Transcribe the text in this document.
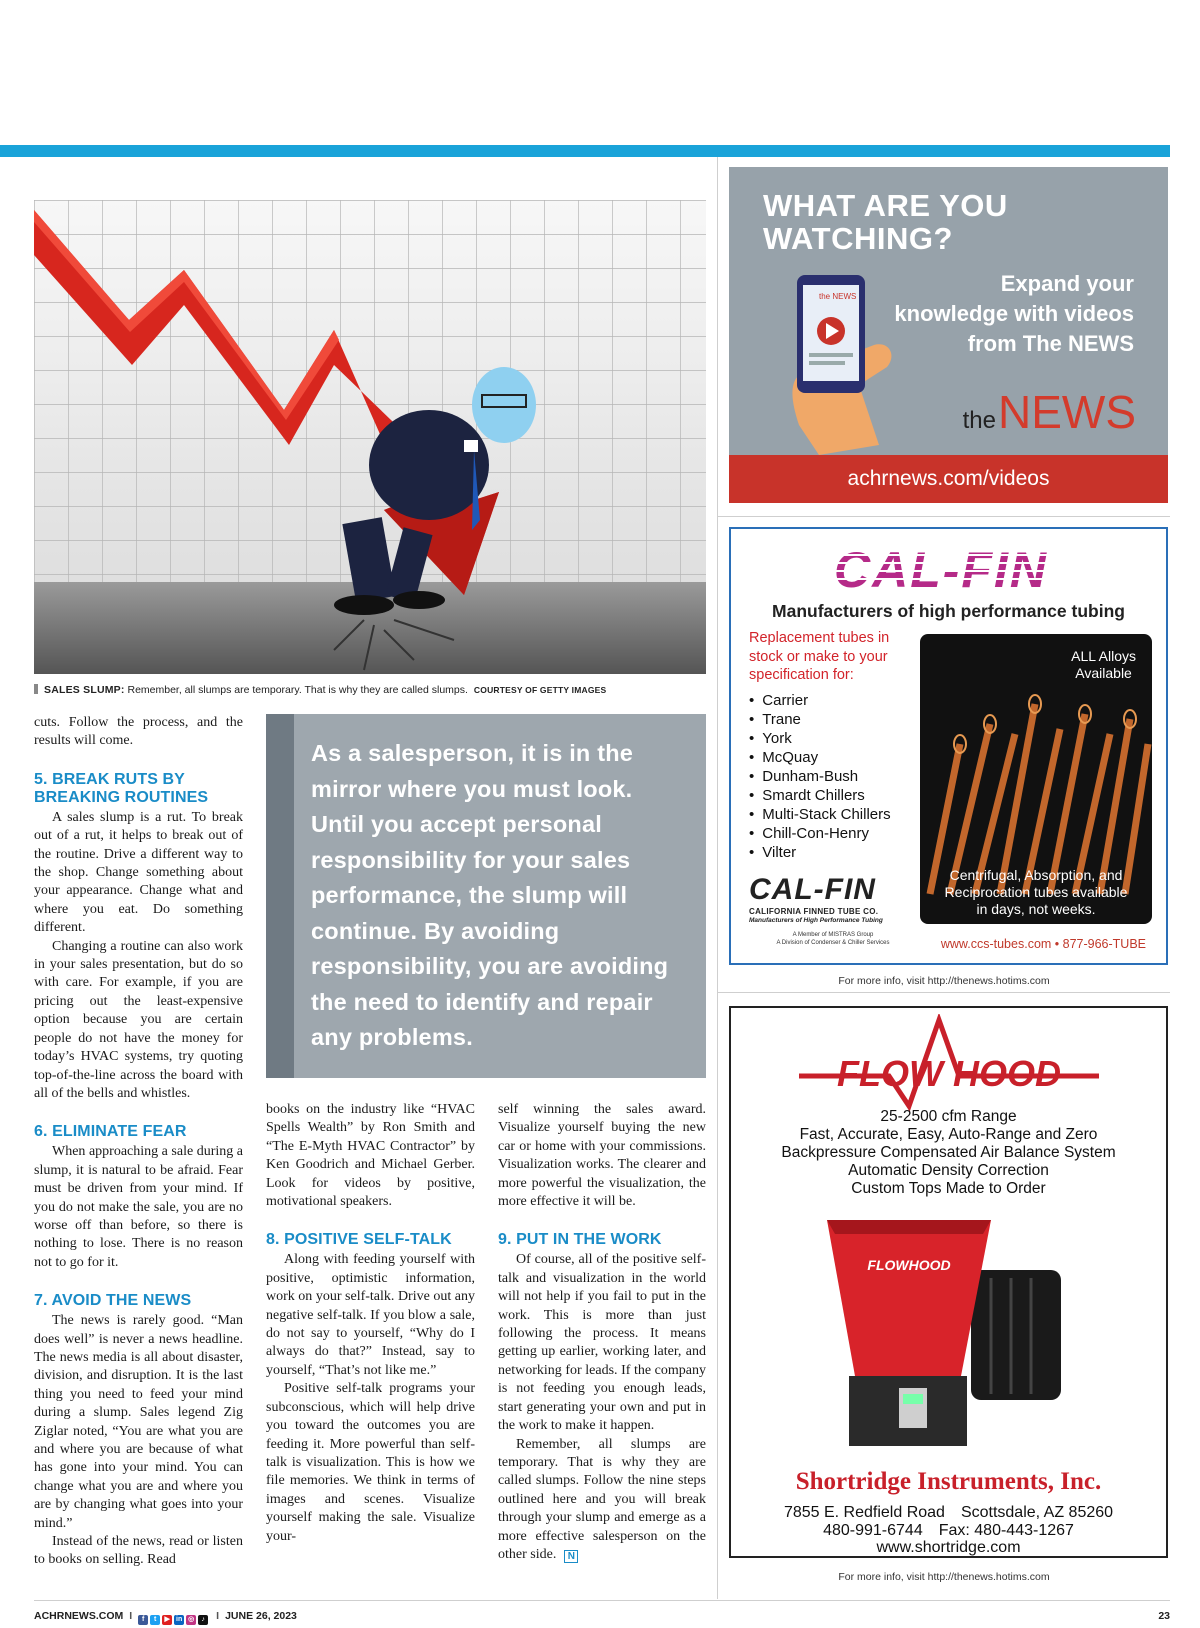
SALES SLUMP: Remember, all slumps are temporary. That is why they are called slumps. COURTESY OF GETTY IMAGES

cuts. Follow the process, and the results will come.

5. BREAK RUTS BY
BREAKING ROUTINES

A sales slump is a rut. To break out of a rut, it helps to break out of the routine. Drive a different way to the shop. Change something about your appearance. Change what and where you eat. Do something different.

Changing a routine can also work in your sales presentation, but do so with care. For example, if you are pricing out the least-expensive option because you are certain people do not have the money for today’s HVAC systems, try quoting top-of-the-line across the board with all of the bells and whistles.

6. ELIMINATE FEAR

When approaching a sale during a slump, it is natural to be afraid. Fear must be driven from your mind. If you do not make the sale, you are no worse off than before, so there is nothing to lose. There is no reason not to go for it.

7. AVOID THE NEWS

The news is rarely good. “Man does well” is never a news headline. The news media is all about disaster, division, and disruption. It is the last thing you need to feed your mind during a slump. Sales legend Zig Ziglar noted, “You are what you are and where you are because of what has gone into your mind. You can change what you are and where you are by changing what goes into your mind.”

Instead of the news, read or listen to books on selling. Read

As a salesperson, it is in the mirror where you must look. Until you accept personal responsibility for your sales performance, the slump will continue. By avoiding responsibility, you are avoiding the need to identify and repair any problems.

books on the industry like “HVAC Spells Wealth” by Ron Smith and “The E-Myth HVAC Contractor” by Ken Goodrich and Michael Gerber. Look for videos by positive, motivational speakers.

8. POSITIVE SELF-TALK

Along with feeding yourself with positive, optimistic information, work on your self-talk. Drive out any negative self-talk. If you blow a sale, do not say to yourself, “Why do I always do that?” Instead, say to yourself, “That’s not like me.”

Positive self-talk programs your subconscious, which will help drive you toward the outcomes you are feeding it. More powerful than self-talk is visualization. This is how we file memories. We think in terms of images and scenes. Visualize yourself making the sale. Visualize your-

self winning the sales award. Visualize yourself buying the new car or home with your commissions. Visualization works. The clearer and more powerful the visualization, the more effective it will be.

9. PUT IN THE WORK

Of course, all of the positive self-talk and visualization in the world will not help if you fail to put in the work. This is more than just following the process. It means getting up earlier, working later, and networking for leads. If the company is not feeding you enough leads, start generating your own and put in the work to make it happen.

Remember, all slumps are temporary. That is why they are called slumps. Follow the nine steps outlined here and you will break through your slump and emerge as a more effective salesperson on the other side. N

WHAT ARE YOU
WATCHING?
the NEWS
Expand your
knowledge with videos
from The NEWS
theNEWS
achrnews.com/videos
CAL-FIN
Manufacturers of high performance tubing
Replacement tubes in stock or make to your specification for:
• Carrier
• Trane
• York
• McQuay
• Dunham-Bush
• Smardt Chillers
• Multi-Stack Chillers
• Chill-Con-Henry
• Vilter
ALL Alloys
Available
Centrifugal, Absorption, and
Reciprocation tubes available
in days, not weeks.
CAL-FIN
CALIFORNIA FINNED TUBE CO.
Manufacturers of High Performance Tubing
A Member of MISTRAS Group
A Division of Condenser & Chiller Services	www.ccs-tubes.com • 877-966-TUBE
For more info, visit http://thenews.hotims.com
FLOW HOOD
25-2500 cfm Range
Fast, Accurate, Easy, Auto-Range and Zero
Backpressure Compensated Air Balance System
Automatic Density Correction
Custom Tops Made to Order
FLOWHOOD
Shortridge Instruments, Inc.
7855 E. Redfield Road Scottsdale, AZ 85260
480-991-6744 Fax: 480-443-1267
www.shortridge.com
For more info, visit http://thenews.hotims.com
ACHRNEWS.COM I f t ▶ in ◎ ♪ I JUNE 26, 2023	23
